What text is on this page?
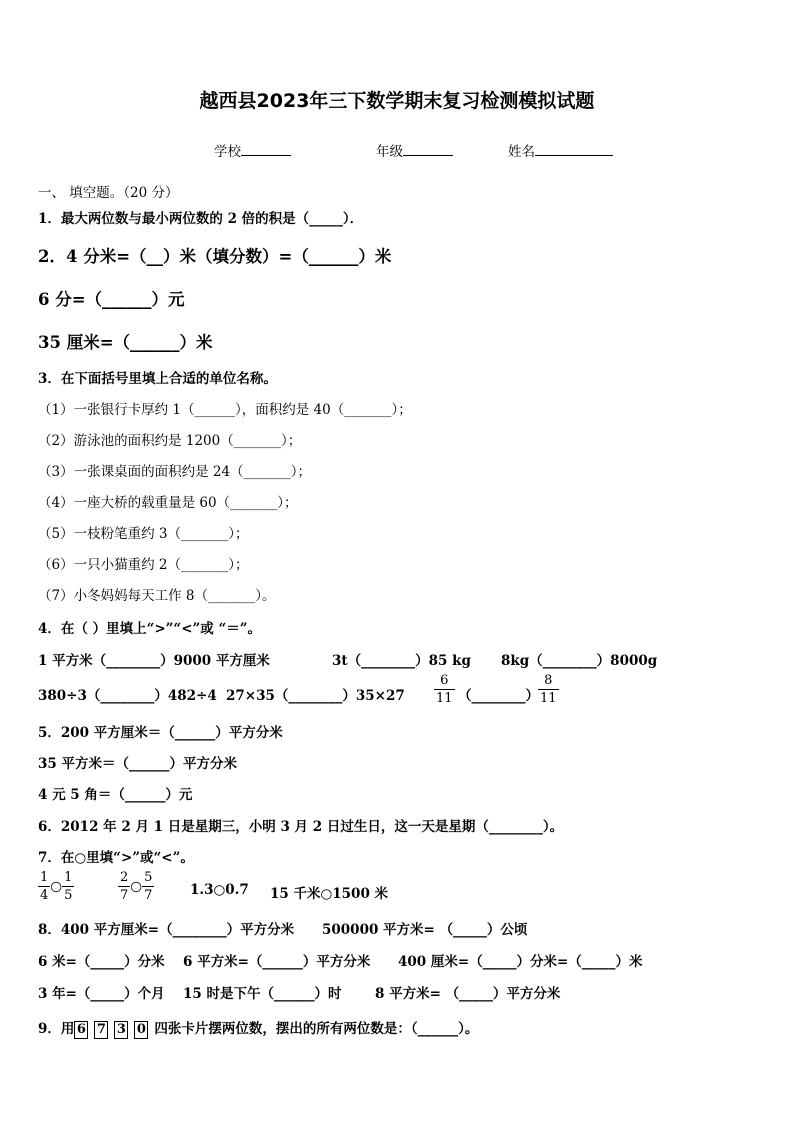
越西县2023年三下数学期末复习检测模拟试题
学校	年级	姓名
一、 填空题。（20 分）
1．最大两位数与最小两位数的 2 倍的积是（_____）．
2．4 分米=（__）米（填分数）=（______）米
6 分=（______）元
35 厘米=（______）米
3．在下面括号里填上合适的单位名称。
（1）一张银行卡厚约 1（______），面积约是 40（_______）；
（2）游泳池的面积约是 1200（_______）；
（3）一张课桌面的面积约是 24（_______）；
（4）一座大桥的载重量是 60（_______）；
（5）一枝粉笔重约 3（_______）；
（6）一只小猫重约 2（_______）；
（7）小冬妈妈每天工作 8（_______）。
4．在（ ）里填上“>”“<”或 “＝”。
1 平方米（________）9000 平方厘米	3t（________）85 kg 8kg（________）8000g
380÷3（________）482÷4 27×35（________）35×27 $\frac{6}{11}$ （________） $\frac{8}{11}$
5．200 平方厘米＝（______）平方分米
35 平方米＝（______）平方分米
4 元 5 角＝（______）元
6．2012 年 2 月 1 日是星期三，小明 3 月 2 日过生日，这一天是星期（________）。
7．在○里填“>”或“<”。
$\frac{1}{4}$ ○ $\frac{1}{5}$	$\frac{2}{7}$ ○ $\frac{5}{7}$	1.3○0.7 15 千米○1500 米
8．400 平方厘米=（________）平方分米 500000 平方米= （_____）公顷
6 米=（_____）分米 6 平方米=（______）平方分米 400 厘米=（_____）分米=（_____）米
3 年=（_____）个月 15 时是下午（______）时 8 平方米= （_____）平方分米
9．用 6 7 3 0 四张卡片摆两位数，摆出的所有两位数是：（______）。
